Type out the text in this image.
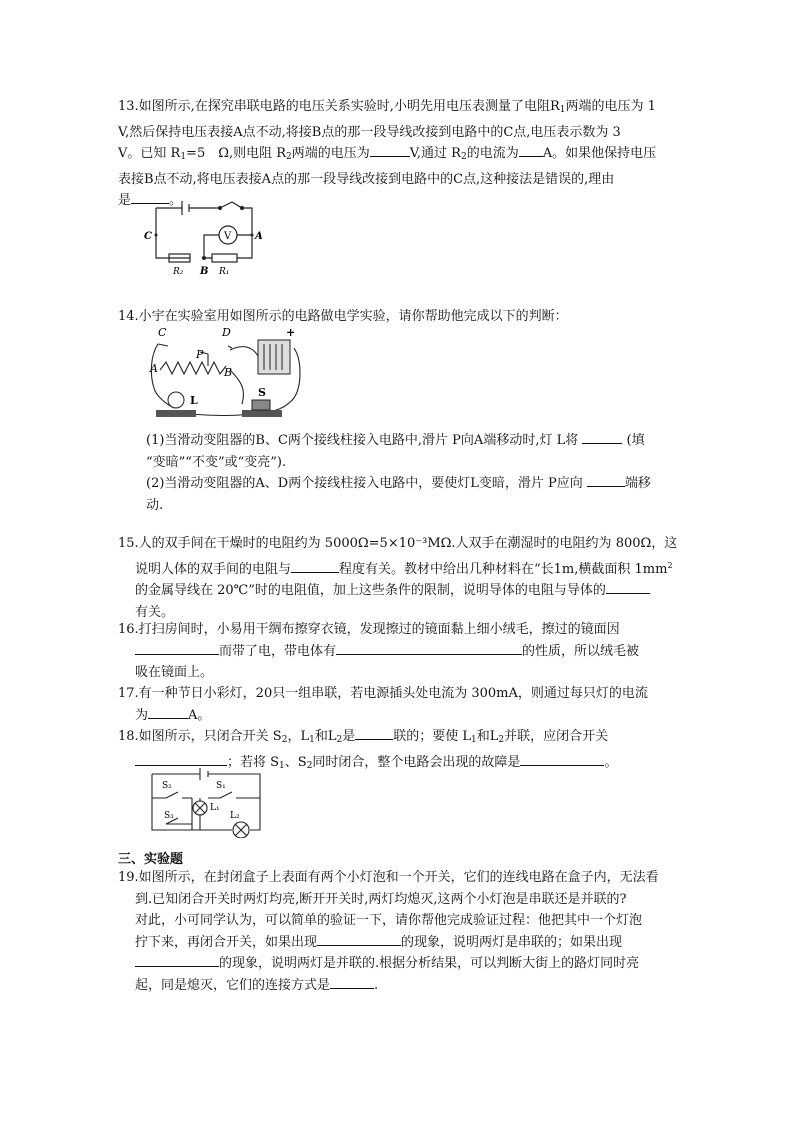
13.如图所示,在探究串联电路的电压关系实验时,小明先用电压表测量了电阻$R_1$两端的电压为 1

V,然后保持电压表接A点不动,将接B点的那一段导线改接到电路中的C点,电压表示数为 3

V。已知 $R_1=5$　Ω,则电阻 $R_2$两端的电压为	V,通过 $R_2$的电流为 A。如果他保持电压

表接B点不动,将电压表接A点的那一段导线改接到电路中的C点,这种接法是错误的,理由

是	。

V
C	A
B
R₂	R₁

14.小宇在实验室用如图所示的电路做电学实验，请你帮助他完成以下的判断：

C	D
P
A	B
L
S
+

(1)当滑动变阻器的B、C两个接线柱接入电路中,滑片 P向A端移动时,灯 L将	(填

“变暗”“不变”或“变亮”).

(2)当滑动变阻器的A、D两个接线柱接入电路中，要使灯L变暗，滑片 P应向	端移

动.

15.人的双手间在干燥时的电阻约为 5000Ω=5×10⁻³MΩ.人双手在潮湿时的电阻约为 800Ω，这

说明人体的双手间的电阻与	程度有关。教材中给出几种材料在“长1m,横截面积 $1mm^2$

的金属导线在 20℃”时的电阻值，加上这些条件的限制，说明导体的电阻与导体的

有关。

16.打扫房间时，小易用干绸布擦穿衣镜，发现擦过的镜面黏上细小绒毛，擦过的镜面因

而带了电，带电体有	的性质，所以绒毛被

吸在镜面上。

17.有一种节日小彩灯，20只一组串联，若电源插头处电流为 300mA，则通过每只灯的电流

为	A。

18.如图所示，只闭合开关 $S_2$，$L_1$和$L_2$是	联的；要使 $L_1$和$L_2$并联，应闭合开关

；若将 $S_1$、$S_2$同时闭合，整个电路会出现的故障是	。

S₂	S₁
S₃
L₁
L₂
三、实验题

19.如图所示，在封闭盒子上表面有两个小灯泡和一个开关，它们的连线电路在盒子内，无法看

到.已知闭合开关时两灯均亮,断开开关时,两灯均熄灭,这两个小灯泡是串联还是并联的?

对此，小可同学认为，可以简单的验证一下，请你帮他完成验证过程：他把其中一个灯泡

拧下来，再闭合开关，如果出现	的现象，说明两灯是串联的；如果出现

的现象，说明两灯是并联的.根据分析结果，可以判断大街上的路灯同时亮

起，同是熄灭，它们的连接方式是	.
